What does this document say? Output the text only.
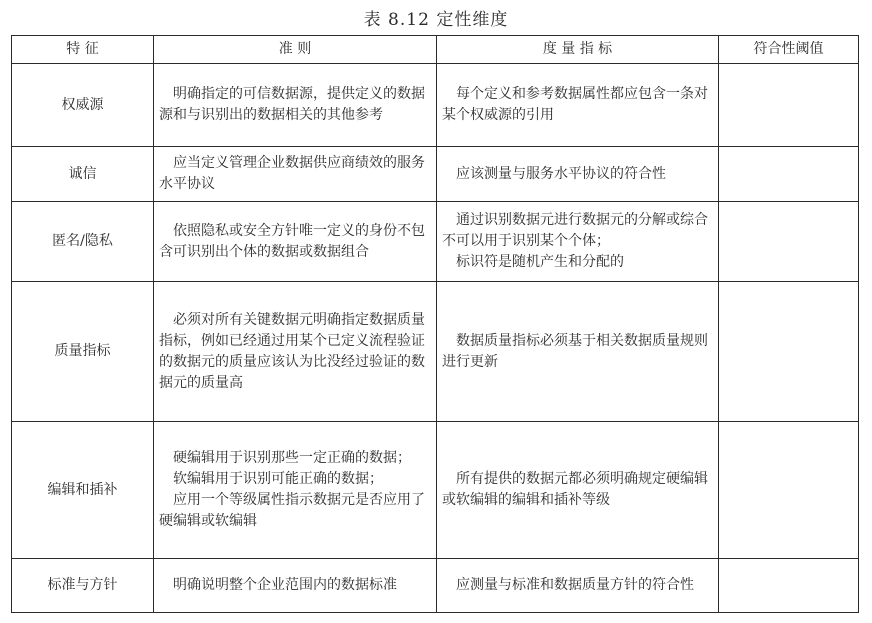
表 8.12 定性维度
特 征	准 则	度 量 指 标	符合性阈值
权威源	明确指定的可信数据源，提供定义的数据源和与识别出的数据相关的其他参考	每个定义和参考数据属性都应包含一条对某个权威源的引用	

诚信	应当定义管理企业数据供应商绩效的服务水平协议	应该测量与服务水平协议的符合性	

匿名/隐私	依照隐私或安全方针唯一定义的身份不包含可识别出个体的数据或数据组合	通过识别数据元进行数据元的分解或综合不可以用于识别某个个体；
标识符是随机产生和分配的	

质量指标	必须对所有关键数据元明确指定数据质量指标，例如已经通过用某个已定义流程验证的数据元的质量应该认为比没经过验证的数据元的质量高	数据质量指标必须基于相关数据质量规则进行更新	

编辑和插补	硬编辑用于识别那些一定正确的数据；
软编辑用于识别可能正确的数据；
应用一个等级属性指示数据元是否应用了硬编辑或软编辑	所有提供的数据元都必须明确规定硬编辑或软编辑的编辑和插补等级	

标准与方针	明确说明整个企业范围内的数据标准	应测量与标准和数据质量方针的符合性	
